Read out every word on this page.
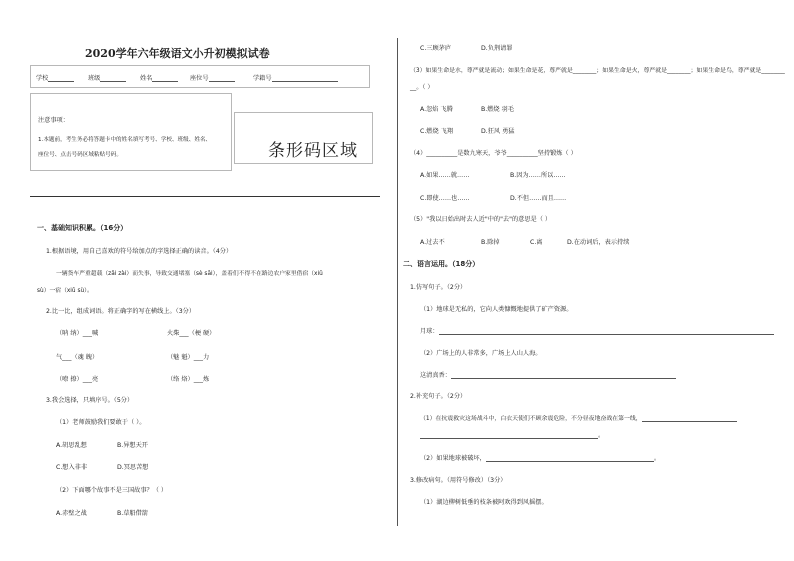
2020学年六年级语文小升初模拟试卷
学校	班级	姓名	座位号	学籍号
注意事项：
1.本题前，考生务必将答题卡中的姓名填写考号、学校、班级、姓名、
座位号、点击号码区域粘贴号码。	条形码区域
一、基础知识积累。（16分）
1.根据语境，用自己喜欢的符号给加点的字选择正确的读音。（4分）
一辆货车严重超载（zǎi zài）而失事，导致交通堵塞（sè sāi），盖着们不得不在路边农户家里借宿（xiǔ
sù）一宿（xiǔ sù）。
2.比一比，组成词语。将正确字的写在横线上。（3分）
（呐 纳）___喊	火柴___（梗 硬）
气___（魂 魄）	（魅 魁）___力
（嘹 撩）___亮	（络 烙）___炼
3.我会选择，只填序号。（5分）
（1）老师鼓励我们要敢于（ ）。
A.胡思乱想	B.异想天开
C.想入非非	D.冥思苦想
（2）下面哪个故事不是三国故事？（ ）
A.赤壁之战	B.草船借箭
C.三顾茅庐	D.负荆请罪
（3）如果生命是水，尊严就是流动；如果生命是花，尊严就是________；如果生命是火，尊严就是________；如果生命是鸟，尊严就是________
__。（ ）
A.忽焰 飞腾	B.燃烧 羽毛
C.燃烧 飞翔	D.狂风 勇猛
（4）__________是数九寒天，爷爷__________坚持锻炼（ ）
A.如果……就……	B.因为……所以……
C.即使……也……	D.不但……而且……
（5）"我以日始出时去人近"中的"去"的意思是（ ）
A.过去不	B.除掉	C.离	D.在动词后，表示持续
二、语言运用。（18分）
1.仿写句子。（2分）
（1）地球是无私的，它向人类慷慨地提供了矿产资源。
月球：
（2）广场上的人非常多，广场上人山人海。
这清真香：
2.补充句子。（2分）
（1）在抗震救灾这场战斗中，白衣天使们不顾余震危险，不分昼夜地奋战在第一线，
。
（2）如果地球被破坏，	。
3.修改病句。（用符号修改）（3分）
（1）湖边柳树低垂的枝条被阿欢得到风摇摆。
